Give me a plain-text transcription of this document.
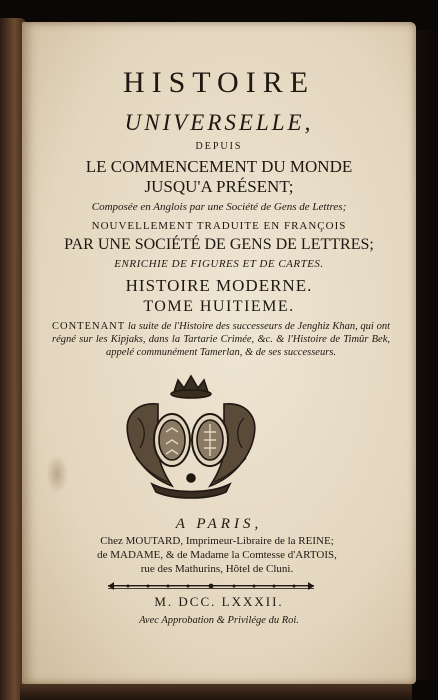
HISTOIRE
UNIVERSELLE,
DEPUIS
LE COMMENCEMENT DU MONDE
JUSQU'A PRÉSENT;
Composée en Anglois par une Société de Gens de Lettres;
NOUVELLEMENT TRADUITE EN FRANÇOIS
PAR UNE SOCIÉTÉ DE GENS DE LETTRES;
ENRICHIE DE FIGURES ET DE CARTES.
HISTOIRE MODERNE.
TOME HUITIEME.
CONTENANT la suite de l'Histoire des successeurs de Jenghiz Khan, qui ont régné sur les Kipjaks, dans la Tartarie Crimée, &c. & l'Histoire de Timûr Bek, appelé communément Tamerlan, & de ses successeurs.
A PARIS,
Chez MOUTARD, Imprimeur-Libraire de la REINE;
de MADAME, & de Madame la Comtesse d'ARTOIS,
rue des Mathurins, Hôtel de Cluni.
M. DCC. LXXXII.
Avec Approbation & Privilége du Roi.
